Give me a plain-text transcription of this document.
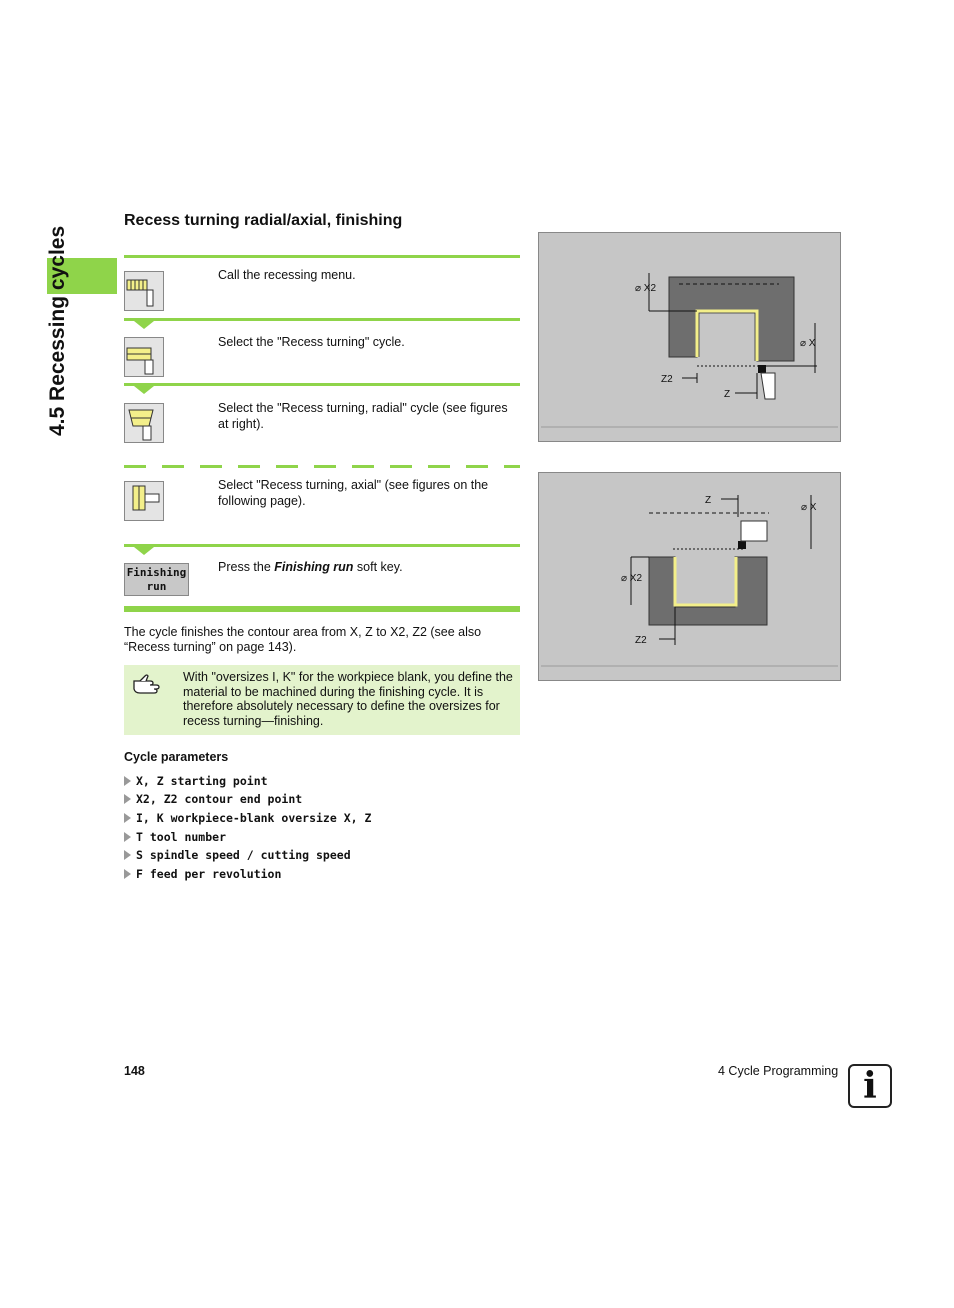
4.5 Recessing cycles
Recess turning radial/axial, finishing
Call the recessing menu.
Select the "Recess turning" cycle.
Select the "Recess turning, radial" cycle (see figures at right).
Select "Recess turning, axial" (see figures on the following page).
Finishing
run
Press the Finishing run soft key.
The cycle finishes the contour area from X, Z to X2, Z2 (see also “Recess turning” on page 143).
With "oversizes I, K" for the workpiece blank, you define the material to be machined during the finishing cycle. It is therefore absolutely necessary to define the oversizes for recess turning—finishing.
Cycle parameters
X, Z starting point
X2, Z2 contour end point
I, K workpiece-blank oversize X, Z
T tool number
S spindle speed / cutting speed
F feed per revolution
⌀ X2
⌀ X
Z2
Z
Z
⌀ X
⌀ X2
Z2
148	4 Cycle Programming i
